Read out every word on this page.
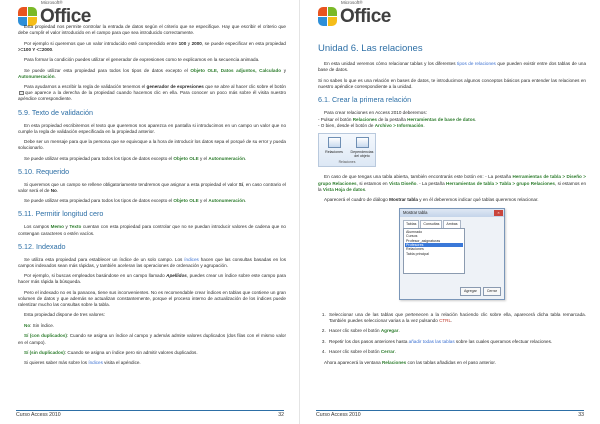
Microsoft®
Office

Esta propiedad nos permite controlar la entrada de datos según el criterio que se especifique. Hay que escribir el criterio que debe cumplir el valor introducido en el campo para que sea introducido correctamente.

Por ejemplo si queremos que un valor introducido esté comprendido entre 100 y 2000, se puede especificar en esta propiedad >=100 Y <=2000.

Para formar la condición puedes utilizar el generador de expresiones como te explicamos en la secuencia animada.

Se puede utilizar esta propiedad para todos los tipos de datos excepto el Objeto OLE, Datos adjuntos, Calculado y Autonumeración.

Para ayudarnos a escribir la regla de validación tenemos el generador de expresiones que se abre al hacer clic sobre el botón que aparece a la derecha de la propiedad cuando hacemos clic en ella. Para conocer un poco más sobre él visita nuestro apéndice correspondiente.

5.9. Texto de validación

En esta propiedad escribiremos el texto que queremos nos aparezca en pantalla si introducimos en un campo un valor que no cumple la regla de validación especificada en la propiedad anterior.

Debe ser un mensaje para que la persona que se equivoque a la hora de introducir los datos sepa el porqué de su error y pueda solucionarlo.

Se puede utilizar esta propiedad para todos los tipos de datos excepto el Objeto OLE y el Autonumeración.

5.10. Requerido

Si queremos que un campo se rellene obligatoriamente tendremos que asignar a esta propiedad el valor Sí, en caso contrario el valor será el de No.

Se puede utilizar esta propiedad para todos los tipos de datos excepto el Objeto OLE y el Autonumeración.

5.11. Permitir longitud cero

Los campos Memo y Texto cuentan con esta propiedad para controlar que no se puedan introducir valores de cadena que no contengan caracteres o estén vacíos.

5.12. Indexado

Se utiliza esta propiedad para establecer un índice de un solo campo. Los índices hacen que las consultas basadas en los campos indexados sean más rápidas, y también aceleran las operaciones de ordenación y agrupación.

Por ejemplo, si buscas empleados basándose en un campo llamado Apellidos, puedes crear un índice sobre este campo para hacer más rápida la búsqueda.

Pero el indexado no es la panacea, tiene sus inconvenientes. No es recomendable crear índices en tablas que contiene un gran volumen de datos y que además se actualizan constantemente, porque el proceso interno de actualización de los índices puede ralentizar mucho las consultas sobre la tabla.

Esta propiedad dispone de tres valores:

No: Sin índice.

Sí (con duplicados): Cuando se asigna un índice al campo y además admite valores duplicados (dos filas con el mismo valor en el campo).

Sí (sin duplicados): Cuando se asigna un índice pero sin admitir valores duplicados.

Si quieres saber más sobre los índices visita el apéndice.

Curso Access 2010	32
Microsoft®
Office
Unidad 6. Las relaciones

En esta unidad veremos cómo relacionar tablas y los diferentes tipos de relaciones que pueden existir entre dos tablas de una base de datos.

Si no sabes lo que es una relación en bases de datos, te introducimos algunos conceptos básicos para entender las relaciones en nuestro apéndice correspondiente a la unidad.

6.1. Crear la primera relación

Para crear relaciones en Access 2010 deberemos:

- Pulsar el botón Relaciones de la pestaña Herramientas de base de datos.

- O bien, desde el botón de Archivo > Información.

Relaciones	Dependencias del objeto
Relaciones

En caso de que tengas una tabla abierta, también encontrarás este botón en: - La pestaña Herramientas de tabla > Diseño > grupo Relaciones, si estamos en Vista Diseño. - La pestaña Herramientas de tabla > Tabla > grupo Relaciones, si estamos en la Vista Hoja de datos.

Aparecerá el cuadro de diálogo Mostrar tabla y en él deberemos indicar qué tablas queremos relacionar.

Mostrar tabla	×
Tablas	Consultas	Ambas
Alumnado
Cursos
Profesor_asignaturas
Profesores
Relaciones
Tabla principal
Agregar	Cerrar
1. Seleccionar una de las tablas que pertenecen a la relación haciendo clic sobre ella, aparecerá dicha tabla remarcada. También puedes seleccionar varias a la vez pulsando CTRL.
2. Hacer clic sobre el botón Agregar.
3. Repetir los dos pasos anteriores hasta añadir todas las tablas sobre las cuales queramos efectuar relaciones.
4. Hacer clic sobre el botón Cerrar.

Ahora aparecerá la ventana Relaciones con las tablas añadidas en el paso anterior.

Curso Access 2010	33
